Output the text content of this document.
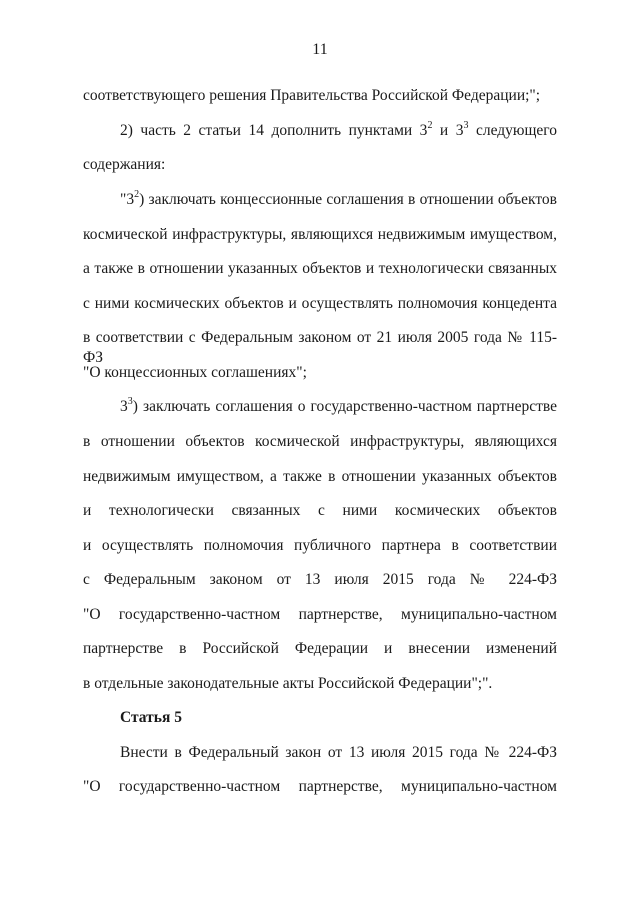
11
соответствующего решения Правительства Российской Федерации;";
2) часть 2 статьи 14 дополнить пунктами $3^2$ и $3^3$ следующего
содержания:
"$3^2$) заключать концессионные соглашения в отношении объектов
космической инфраструктуры, являющихся недвижимым имуществом,
а также в отношении указанных объектов и технологически связанных
с ними космических объектов и осуществлять полномочия концедента
в соответствии с Федеральным законом от 21 июля 2005 года № 115-ФЗ
"О концессионных соглашениях";
$3^3$) заключать соглашения о государственно-частном партнерстве
в отношении объектов космической инфраструктуры, являющихся
недвижимым имуществом, а также в отношении указанных объектов
и технологически связанных с ними космических объектов
и осуществлять полномочия публичного партнера в соответствии
с Федеральным законом от 13 июля 2015 года № 224-ФЗ
"О государственно-частном партнерстве, муниципально-частном
партнерстве в Российской Федерации и внесении изменений
в отдельные законодательные акты Российской Федерации";".
Статья 5
Внести в Федеральный закон от 13 июля 2015 года № 224-ФЗ
"О государственно-частном партнерстве, муниципально-частном
